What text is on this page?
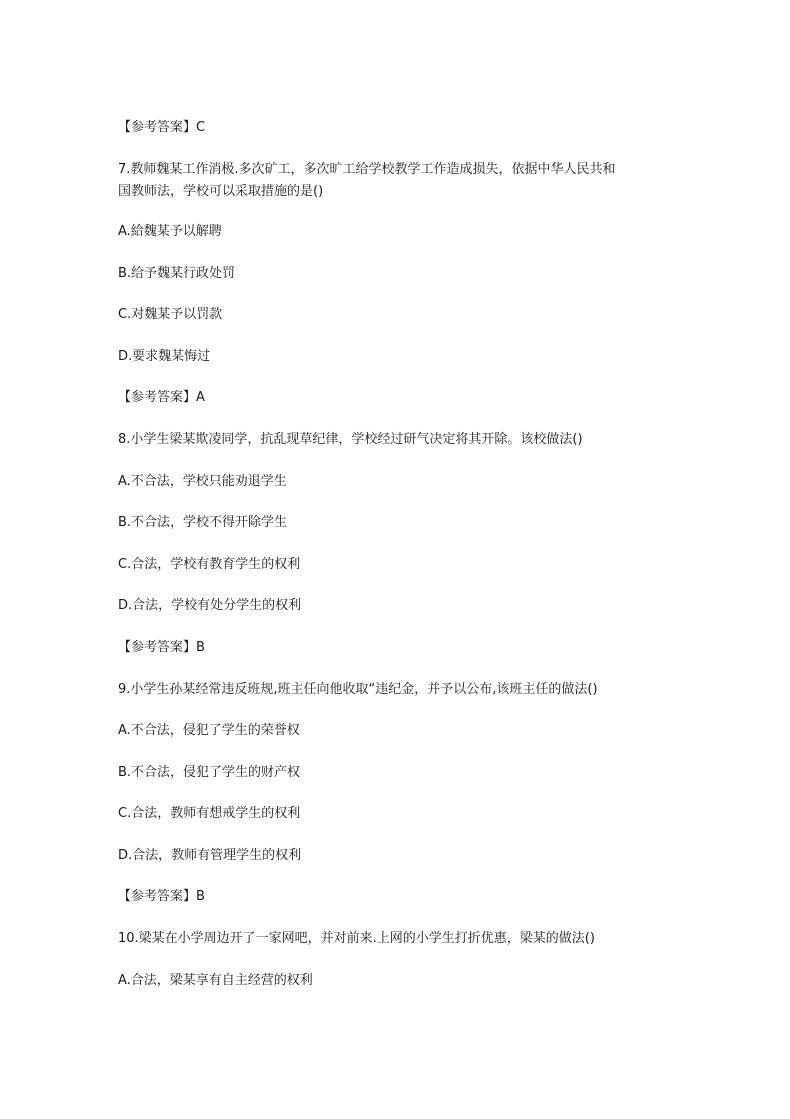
【参考答案】C
7.教师魏某工作消极.多次矿工，多次旷工给学校教学工作造成损失，依据中华人民共和
国教师法，学校可以采取措施的是()
A.給魏某予以解聘
B.给予魏某行政处罚
C.对魏某予以罚款
D.要求魏某悔过
【参考答案】A
8.小学生梁某欺凌同学，抗乱现草纪律，学校经过研气决定将其开除。该校做法()
A.不合法，学校只能劝退学生
B.不合法，学校不得开除学生
C.合法，学校有教育学生的权利
D.合法，学校有处分学生的权利
【参考答案】B
9.小学生孙某经常违反班规,班主任向他收取“违纪金，并予以公布,该班主任的做法()
A.不合法，侵犯了学生的荣誉权
B.不合法，侵犯了学生的财产权
C.合法，教师有想戒学生的权利
D.合法，教师有管理学生的权利
【参考答案】B
10.梁某在小学周边开了一家网吧，并对前来.上网的小学生打折优惠，梁某的做法()
A.合法，梁某享有自主经营的权利
